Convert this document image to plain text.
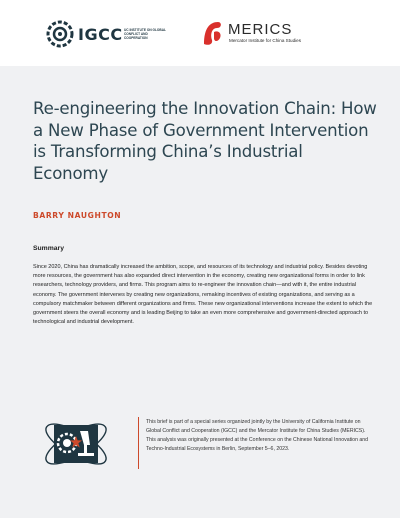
IGCC UC INSTITUTE ON GLOBAL CONFLICT AND COOPERATION	MERICS
Mercator Institute for China Studies
Re-engineering the Innovation Chain: How a New Phase of Government Intervention is Transforming China’s Industrial Economy
BARRY NAUGHTON
Summary

Since 2020, China has dramatically increased the ambition, scope, and resources of its technology and industrial policy. Besides devoting more resources, the government has also expanded direct intervention in the economy, creating new organizational forms in order to link researchers, technology providers, and firms. This program aims to re-engineer the innovation chain—and with it, the entire industrial economy. The government intervenes by creating new organizations, remaking incentives of existing organizations, and serving as a compulsory matchmaker between different organizations and firms. These new organizational interventions increase the extent to which the government steers the overall economy and is leading Beijing to take an even more comprehensive and government-directed approach to technological and industrial development.

This brief is part of a special series organized jointly by the University of California Institute on Global Conflict and Cooperation (IGCC) and the Mercator Institute for China Studies (MERICS). This analysis was originally presented at the Conference on the Chinese National Innovation and Techno-Industrial Ecosystems in Berlin, September 5–6, 2023.
